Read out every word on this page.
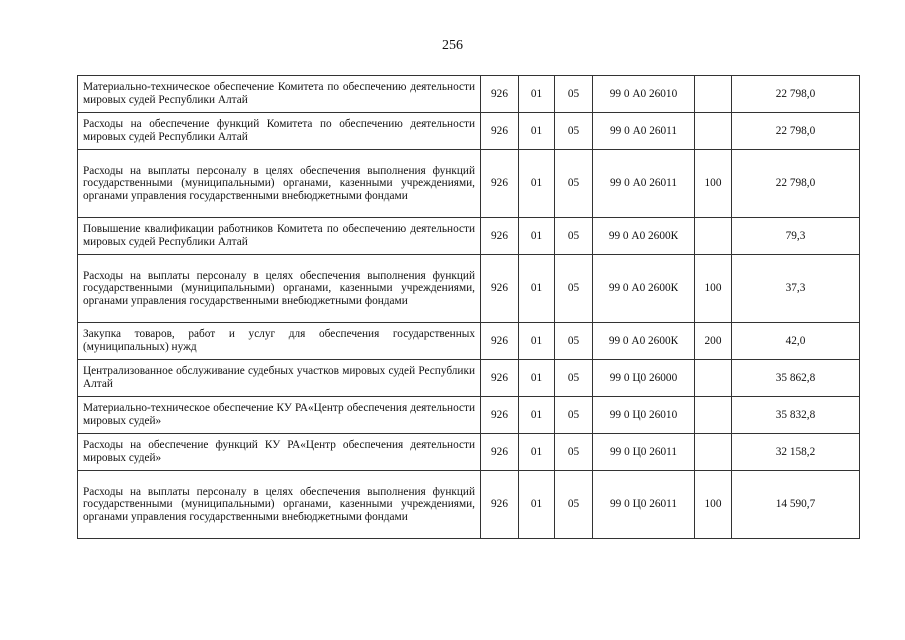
256
Материально-техническое обеспечение Комитета по обеспечению деятельности мировых судей Республики Алтай	926	01	05	99 0 А0 26010		22 798,0
Расходы на обеспечение функций Комитета по обеспечению деятельности мировых судей Республики Алтай	926	01	05	99 0 А0 26011		22 798,0
Расходы на выплаты персоналу в целях обеспечения выполнения функций государственными (муниципальными) органами, казенными учреждениями, органами управления государственными внебюджетными фондами	926	01	05	99 0 А0 26011	100	22 798,0
Повышение квалификации работников Комитета по обеспечению деятельности мировых судей Республики Алтай	926	01	05	99 0 А0 2600К		79,3
Расходы на выплаты персоналу в целях обеспечения выполнения функций государственными (муниципальными) органами, казенными учреждениями, органами управления государственными внебюджетными фондами	926	01	05	99 0 А0 2600К	100	37,3
Закупка товаров, работ и услуг для обеспечения государственных (муниципальных) нужд	926	01	05	99 0 А0 2600К	200	42,0
Централизованное обслуживание судебных участков мировых судей Республики Алтай	926	01	05	99 0 Ц0 26000		35 862,8
Материально-техническое обеспечение КУ РА«Центр обеспечения деятельности мировых судей»	926	01	05	99 0 Ц0 26010		35 832,8
Расходы на обеспечение функций КУ РА«Центр обеспечения деятельности мировых судей»	926	01	05	99 0 Ц0 26011		32 158,2
Расходы на выплаты персоналу в целях обеспечения выполнения функций государственными (муниципальными) органами, казенными учреждениями, органами управления государственными внебюджетными фондами	926	01	05	99 0 Ц0 26011	100	14 590,7
